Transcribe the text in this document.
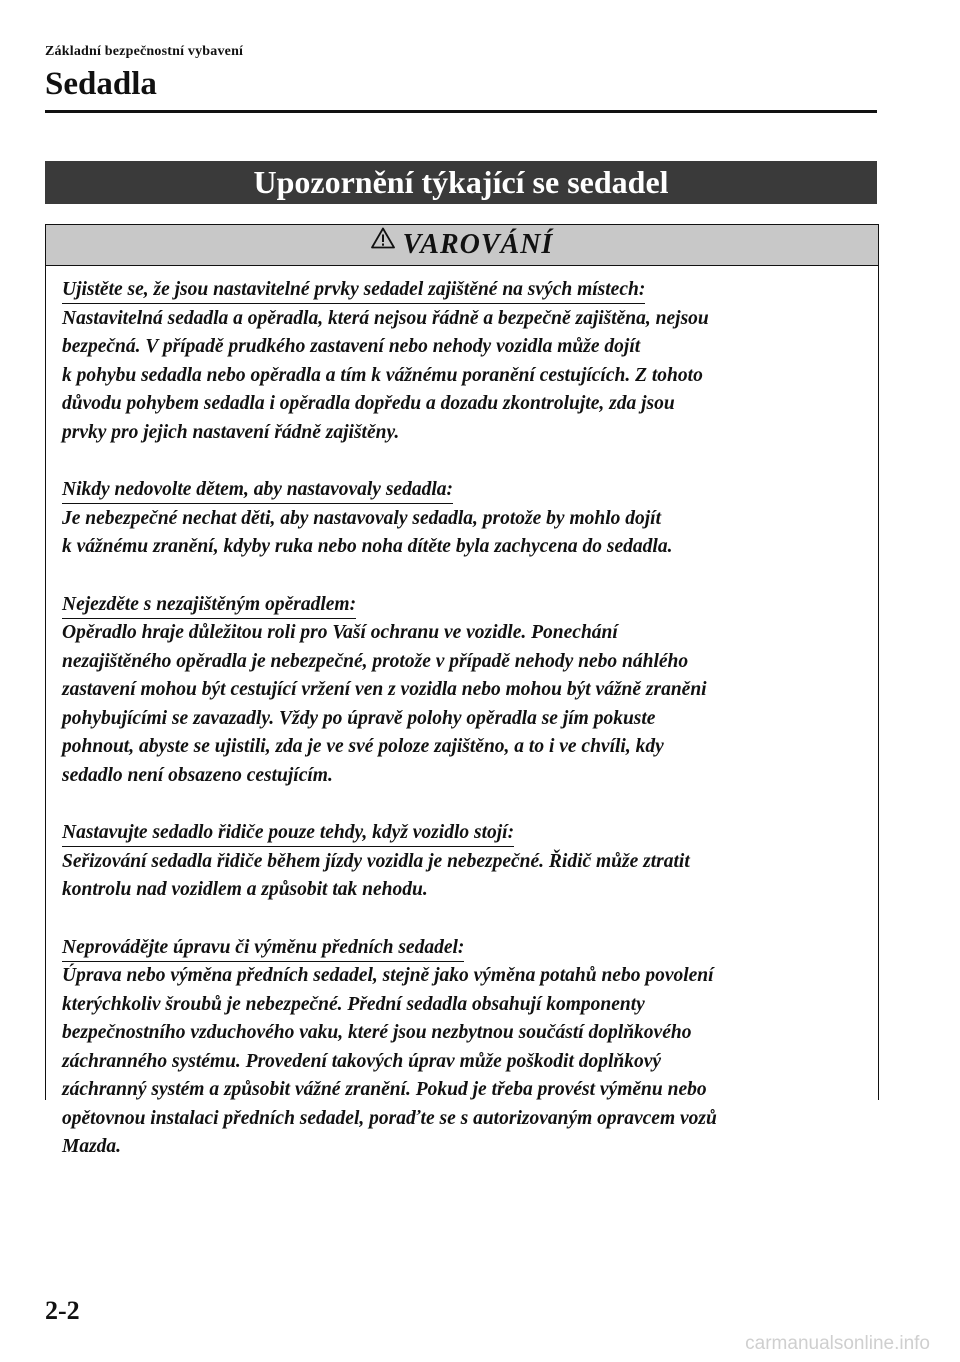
Základní bezpečnostní vybavení
Sedadla
Upozornění týkající se sedadel
VAROVÁNÍ
Ujistěte se, že jsou nastavitelné prvky sedadel zajištěné na svých místech:
Nastavitelná sedadla a opěradla, která nejsou řádně a bezpečně zajištěna, nejsou
bezpečná. V případě prudkého zastavení nebo nehody vozidla může dojít
k pohybu sedadla nebo opěradla a tím k vážnému poranění cestujících. Z tohoto
důvodu pohybem sedadla i opěradla dopředu a dozadu zkontrolujte, zda jsou
prvky pro jejich nastavení řádně zajištěny.
Nikdy nedovolte dětem, aby nastavovaly sedadla:
Je nebezpečné nechat děti, aby nastavovaly sedadla, protože by mohlo dojít
k vážnému zranění, kdyby ruka nebo noha dítěte byla zachycena do sedadla.
Nejezděte s nezajištěným opěradlem:
Opěradlo hraje důležitou roli pro Vaší ochranu ve vozidle. Ponechání
nezajištěného opěradla je nebezpečné, protože v případě nehody nebo náhlého
zastavení mohou být cestující vržení ven z vozidla nebo mohou být vážně zraněni
pohybujícími se zavazadly. Vždy po úpravě polohy opěradla se jím pokuste
pohnout, abyste se ujistili, zda je ve své poloze zajištěno, a to i ve chvíli, kdy
sedadlo není obsazeno cestujícím.
Nastavujte sedadlo řidiče pouze tehdy, když vozidlo stojí:
Seřizování sedadla řidiče během jízdy vozidla je nebezpečné. Řidič může ztratit
kontrolu nad vozidlem a způsobit tak nehodu.
Neprovádějte úpravu či výměnu předních sedadel:
Úprava nebo výměna předních sedadel, stejně jako výměna potahů nebo povolení
kterýchkoliv šroubů je nebezpečné. Přední sedadla obsahují komponenty
bezpečnostního vzduchového vaku, které jsou nezbytnou součástí doplňkového
záchranného systému. Provedení takových úprav může poškodit doplňkový
záchranný systém a způsobit vážné zranění. Pokud je třeba provést výměnu nebo
opětovnou instalaci předních sedadel, poraďte se s autorizovaným opravcem vozů
Mazda.
2-2
carmanualsonline.info
